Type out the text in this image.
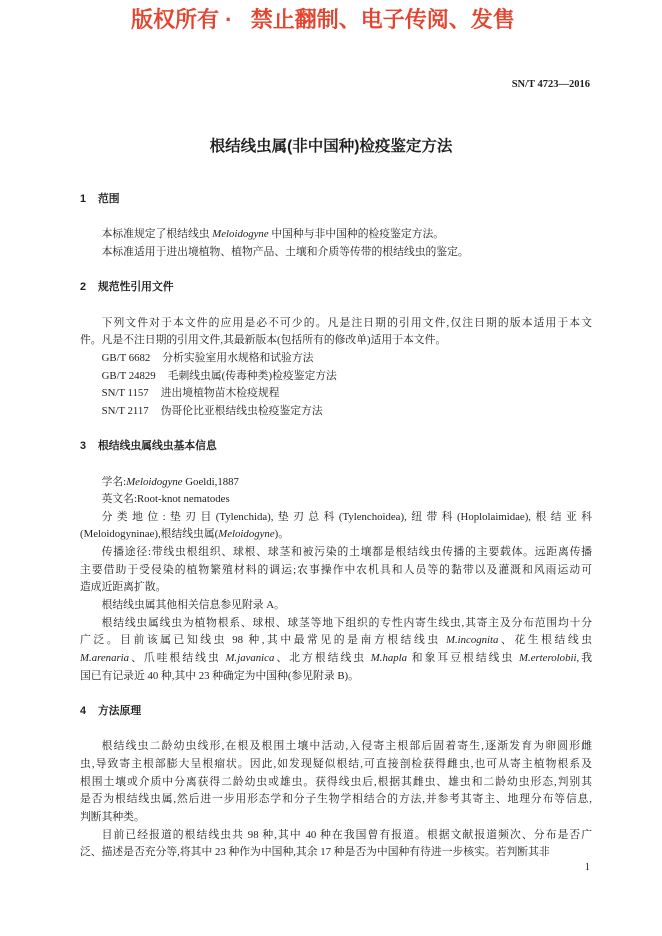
版权所有 ·   禁止翻制、电子传阅、发售
SN/T 4723—2016
根结线虫属(非中国种)检疫鉴定方法
1 范围
本标准规定了根结线虫 Meloidogyne 中国种与非中国种的检疫鉴定方法。
本标准适用于进出境植物、植物产品、土壤和介质等传带的根结线虫的鉴定。
2 规范性引用文件
下列文件对于本文件的应用是必不可少的。凡是注日期的引用文件,仅注日期的版本适用于本文
件。凡是不注日期的引用文件,其最新版本(包括所有的修改单)适用于本文件。
GB/T 6682 分析实验室用水规格和试验方法
GB/T 24829 毛刺线虫属(传毒种类)检疫鉴定方法
SN/T 1157 进出境植物苗木检疫规程
SN/T 2117 伪哥伦比亚根结线虫检疫鉴定方法
3 根结线虫属线虫基本信息
学名:Meloidogyne Goeldi,1887
英文名:Root-knot nematodes
分类地位:垫刃目(Tylenchida),垫刃总科(Tylenchoidea),纽带科(Hoplolaimidae),根结亚科
(Meloidogyninae),根结线虫属(Meloidogyne)。
传播途径:带线虫根组织、球根、球茎和被污染的土壤都是根结线虫传播的主要载体。远距离传播
主要借助于受侵染的植物繁殖材料的调运;农事操作中农机具和人员等的黏带以及灌溉和风雨运动可
造成近距离扩散。
根结线虫属其他相关信息参见附录 A。
根结线虫属线虫为植物根系、球根、球茎等地下组织的专性内寄生线虫,其寄主及分布范围均十分
广泛。目前该属已知线虫 98 种,其中最常见的是南方根结线虫 M.incognita、花生根结线虫
M.arenaria、爪哇根结线虫 M.javanica、北方根结线虫 M.hapla 和象耳豆根结线虫 M.erterolobii,我
国已有记录近 40 种,其中 23 种确定为中国种(参见附录 B)。
4 方法原理
根结线虫二龄幼虫线形,在根及根围土壤中活动,入侵寄主根部后固着寄生,逐渐发育为卵圆形雌
虫,导致寄主根部膨大呈根瘤状。因此,如发现疑似根结,可直接剖检获得雌虫,也可从寄主植物根系及
根围土壤或介质中分离获得二龄幼虫或雄虫。获得线虫后,根据其雌虫、雄虫和二龄幼虫形态,判别其
是否为根结线虫属,然后进一步用形态学和分子生物学相结合的方法,并参考其寄主、地理分布等信息,
判断其种类。
目前已经报道的根结线虫共 98 种,其中 40 种在我国曾有报道。根据文献报道频次、分布是否广
泛、描述是否充分等,将其中 23 种作为中国种,其余 17 种是否为中国种有待进一步核实。若判断其非
1
